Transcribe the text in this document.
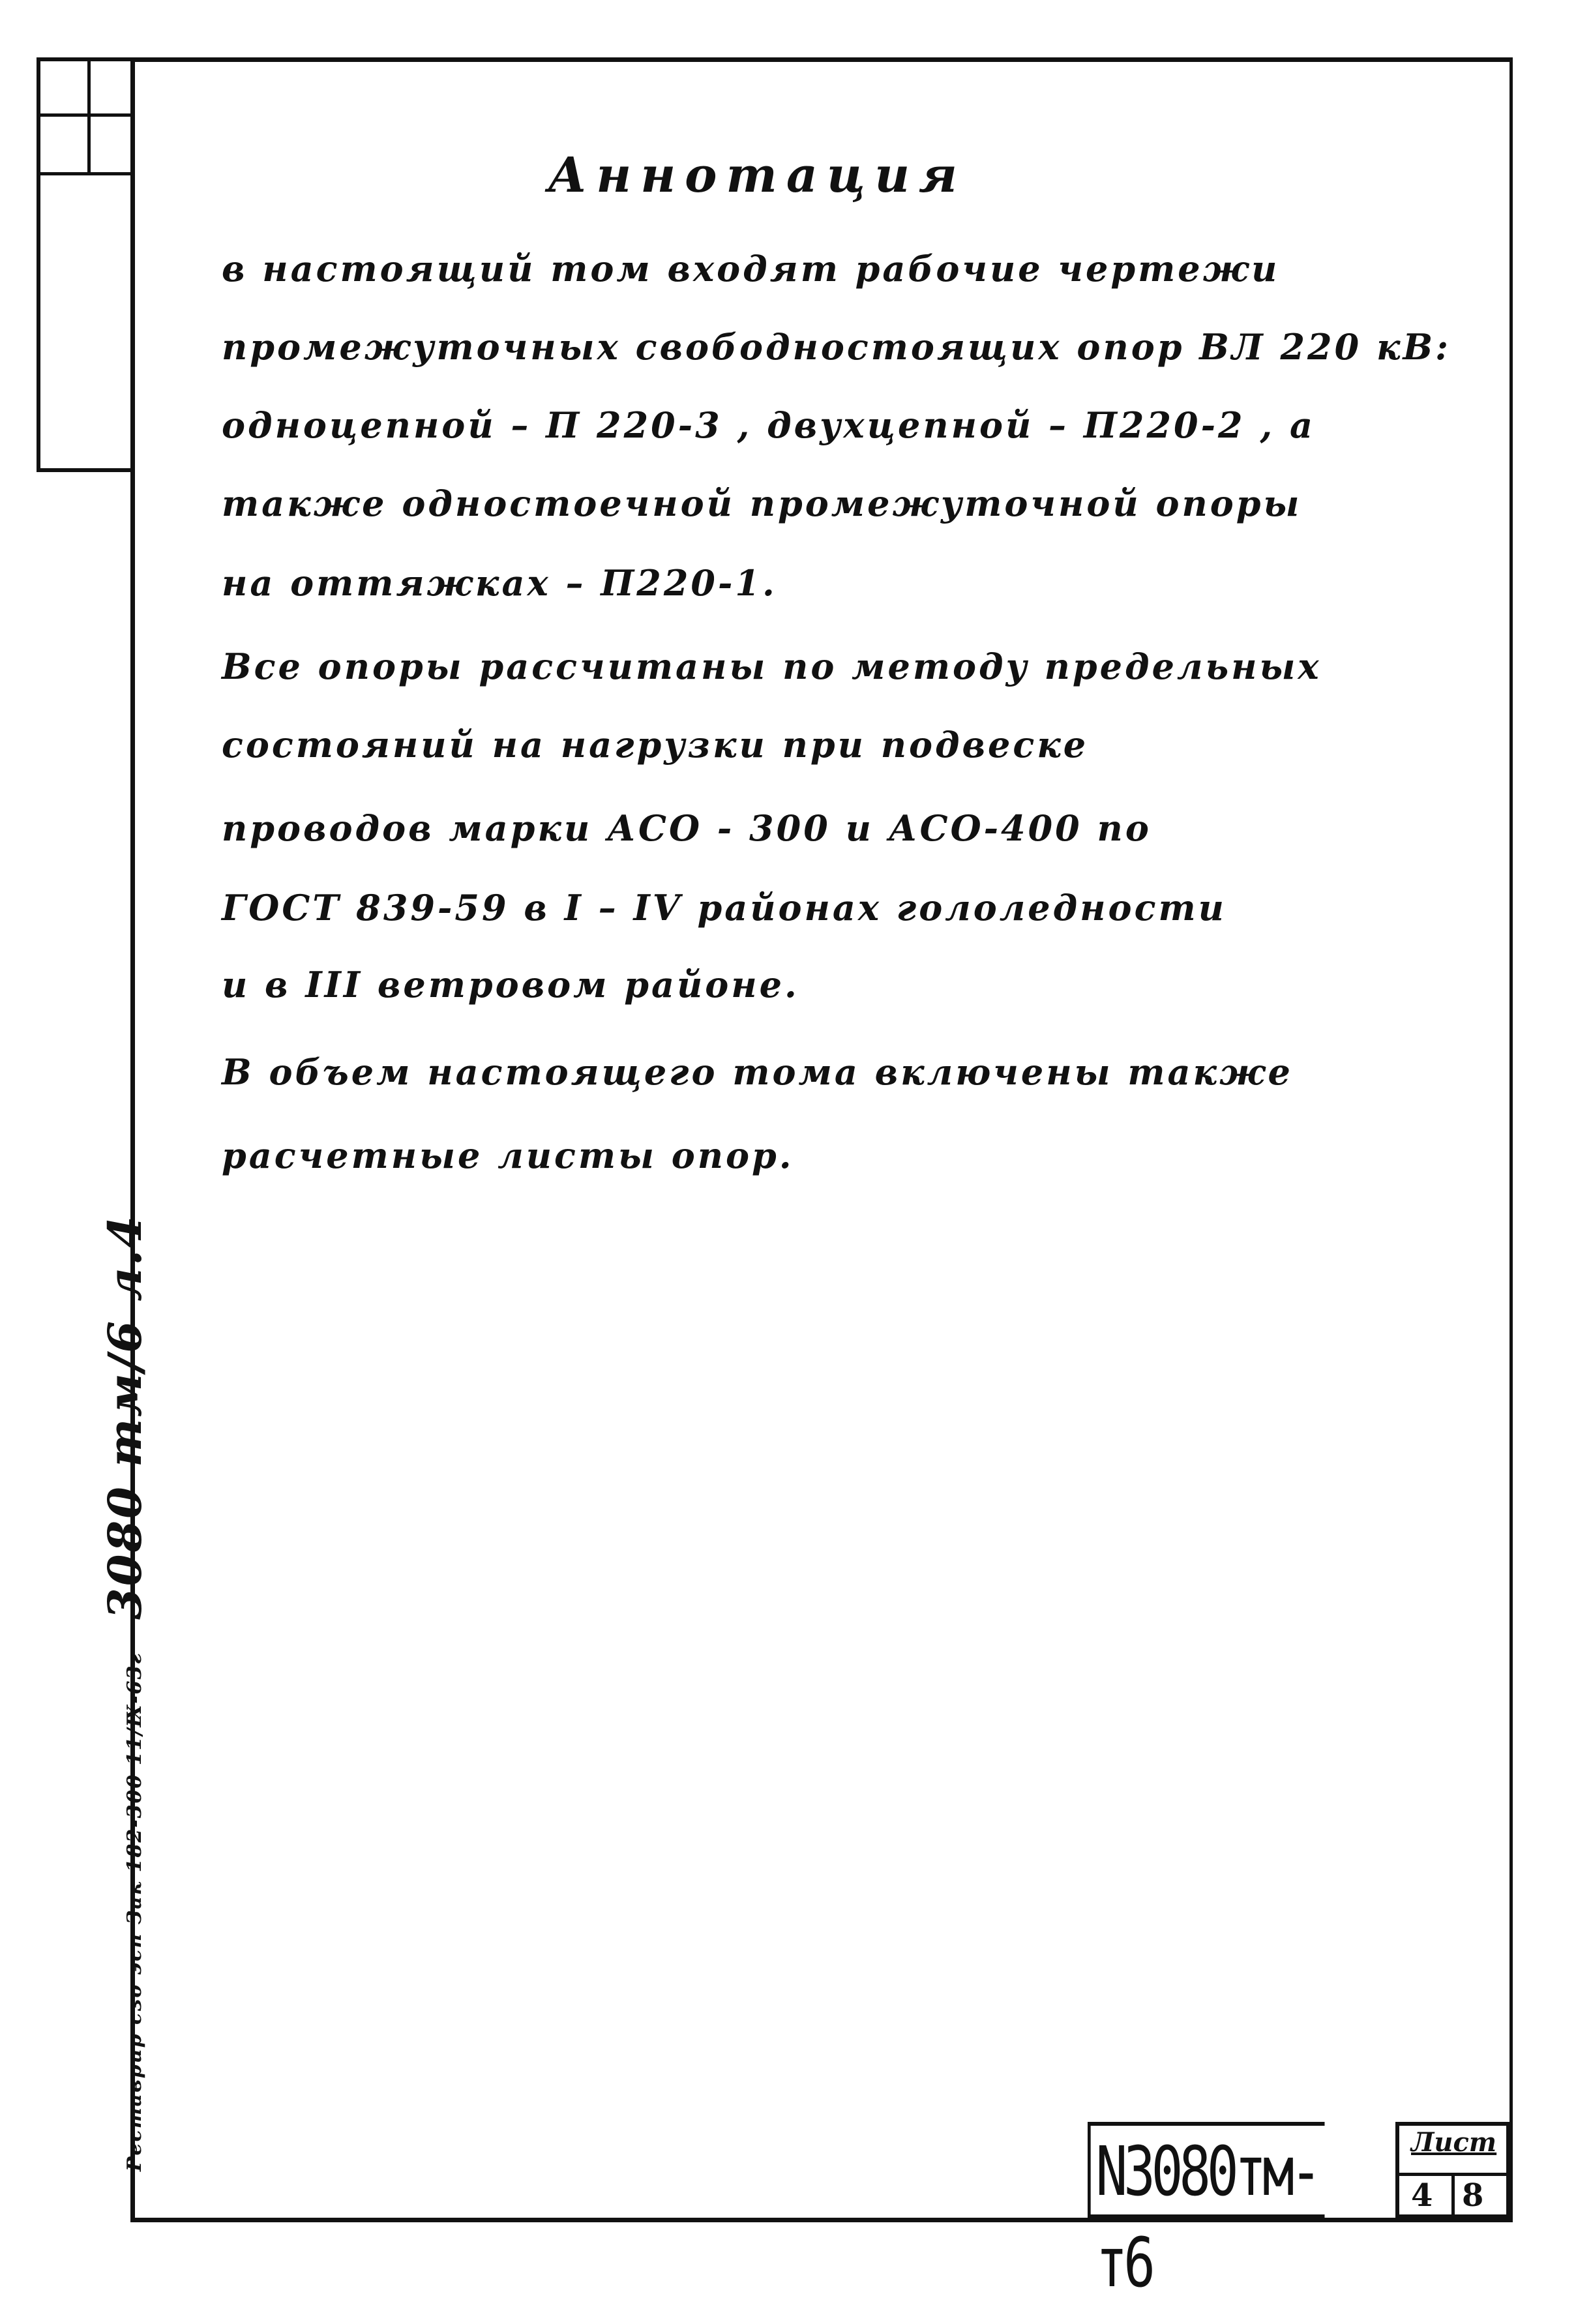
Аннотация
в настоящий том входят рабочие чертежи
промежуточных свободностоящих опор ВЛ 220 кВ:
одноцепной – П 220-3 , двухцепной – П220-2 , а
также одностоечной промежуточной опоры
на оттяжках – П220-1.
Все опоры рассчитаны по методу предельных
состояний на нагрузки при подвеске
проводов марки АСО - 300 и АСО-400 по
ГОСТ 839-59 в I – IV районах гололедности
и в III ветровом районе.
В объем настоящего тома включены также
расчетные листы опор.
Реставрир сзо эсп Зак 182-300 11/Ⅸ-63г    3080 тм/6 л.4
N3080тм-т6
Лист
4 8
